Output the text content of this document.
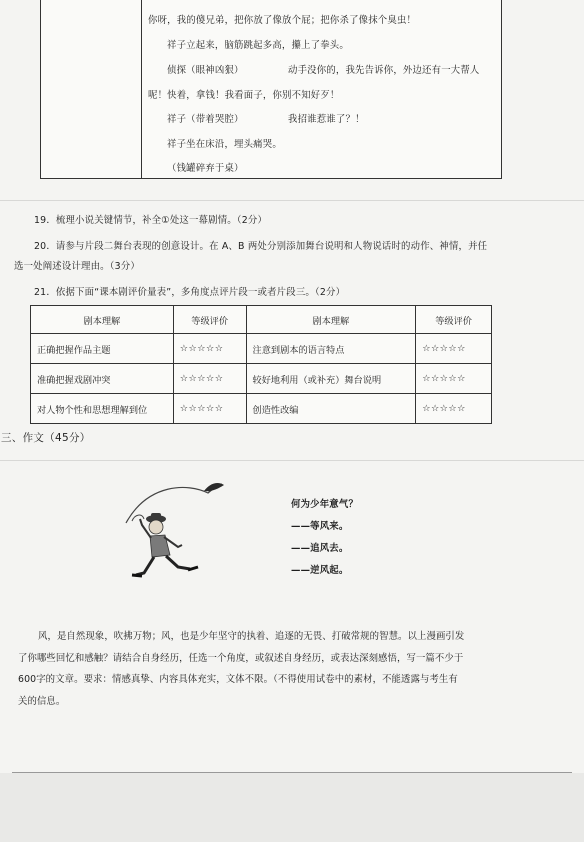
你呀，我的傻兄弟，把你放了像放个屁；把你杀了像抹个臭虫！
祥子立起来，脑筋跳起多高，攥上了拳头。
侦探（眼神凶狠）	动手没你的，我先告诉你，外边还有一大帮人
呢！快着，拿钱！我看面子，你别不知好歹！
祥子（带着哭腔）	我招谁惹谁了？！
祥子坐在床沿，埋头痛哭。
（钱罐碎弃于桌）
19．梳理小说关键情节，补全①处这一幕剧情。（2分）
20．请参与片段二舞台表现的创意设计。在 A、B 两处分别添加舞台说明和人物说话时的动作、神情，并任
选一处阐述设计理由。（3分）
21．依据下面“课本剧评价量表”，多角度点评片段一或者片段三。（2分）
剧本理解	等级评价	剧本理解	等级评价
正确把握作品主题	☆☆☆☆☆	注意到剧本的语言特点	☆☆☆☆☆
准确把握戏剧冲突	☆☆☆☆☆	较好地利用（或补充）舞台说明	☆☆☆☆☆
对人物个性和思想理解到位	☆☆☆☆☆	创造性改编	☆☆☆☆☆
三、作文（45分）
何为少年意气？
——等风来。
——追风去。
——逆风起。

风，是自然现象，吹拂万物；风，也是少年坚守的执着、追逐的无畏、打破常规的智慧。以上漫画引发

了你哪些回忆和感触？请结合自身经历，任选一个角度，或叙述自身经历，或表达深刻感悟，写一篇不少于

600字的文章。要求：情感真挚、内容具体充实，文体不限。（不得使用试卷中的素材，不能透露与考生有

关的信息。
